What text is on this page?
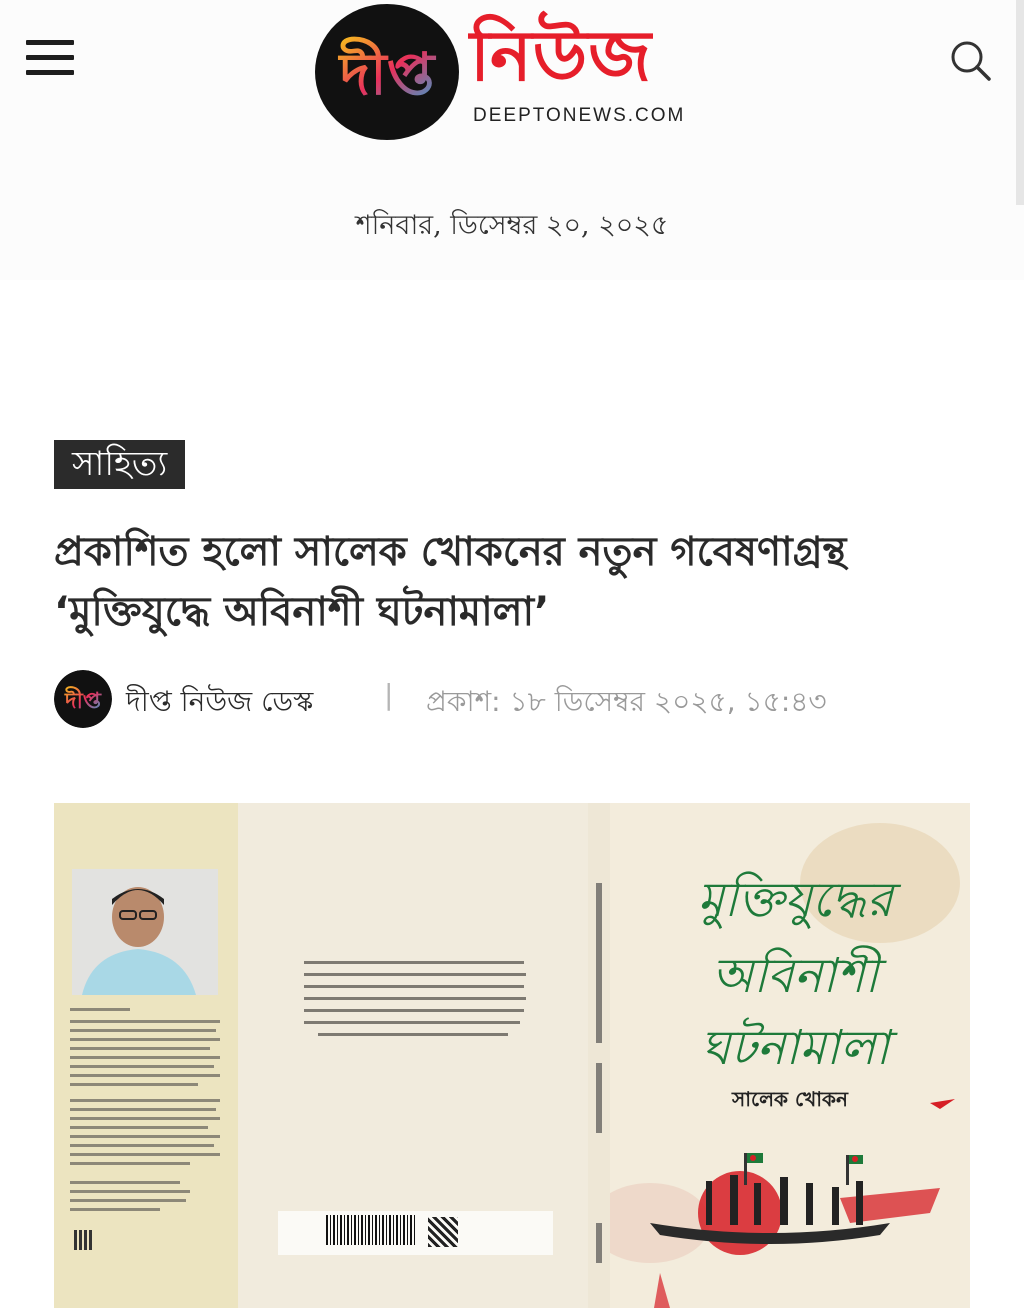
দীপ্ত নিউজ
DEEPTONEWS.COM
শনিবার, ডিসেম্বর ২০, ২০২৫
সাহিত্য
প্রকাশিত হলো সালেক খোকনের নতুন গবেষণাগ্রন্থ
‘মুক্তিযুদ্ধে অবিনাশী ঘটনামালা’
দীপ্ত দীপ্ত নিউজ ডেস্ক	| প্রকাশ: ১৮ ডিসেম্বর ২০২৫, ১৫:৪৩
মুক্তিযুদ্ধের
অবিনাশী
ঘটনামালা
সালেক খোকন
